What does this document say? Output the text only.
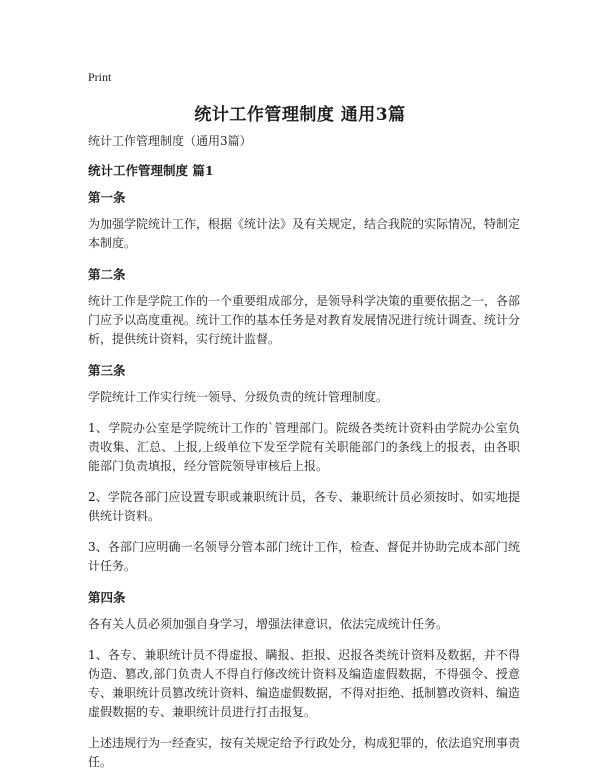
Print
统计工作管理制度 通用3篇

统计工作管理制度（通用3篇）

统计工作管理制度 篇1

第一条

为加强学院统计工作，根据《统计法》及有关规定，结合我院的实际情况，特制定本制度。

第二条

统计工作是学院工作的一个重要组成部分，是领导科学决策的重要依据之一，各部门应予以高度重视。统计工作的基本任务是对教育发展情况进行统计调查、统计分析，提供统计资料，实行统计监督。

第三条

学院统计工作实行统一领导、分级负责的统计管理制度。

1、学院办公室是学院统计工作的`管理部门。院级各类统计资料由学院办公室负责收集、汇总、上报,上级单位下发至学院有关职能部门的条线上的报表，由各职能部门负责填报，经分管院领导审核后上报。

2、学院各部门应设置专职或兼职统计员，各专、兼职统计员必须按时、如实地提供统计资料。

3、各部门应明确一名领导分管本部门统计工作，检查、督促并协助完成本部门统计任务。

第四条

各有关人员必须加强自身学习，增强法律意识，依法完成统计任务。

1、各专、兼职统计员不得虚报、瞒报、拒报、迟报各类统计资料及数据，并不得伪造、篡改,部门负责人不得自行修改统计资料及编造虚假数据，不得强令、授意专、兼职统计员篡改统计资料、编造虚假数据，不得对拒绝、抵制篡改资料、编造虚假数据的专、兼职统计员进行打击报复。

上述违规行为一经查实，按有关规定给予行政处分，构成犯罪的，依法追究刑事责任。
